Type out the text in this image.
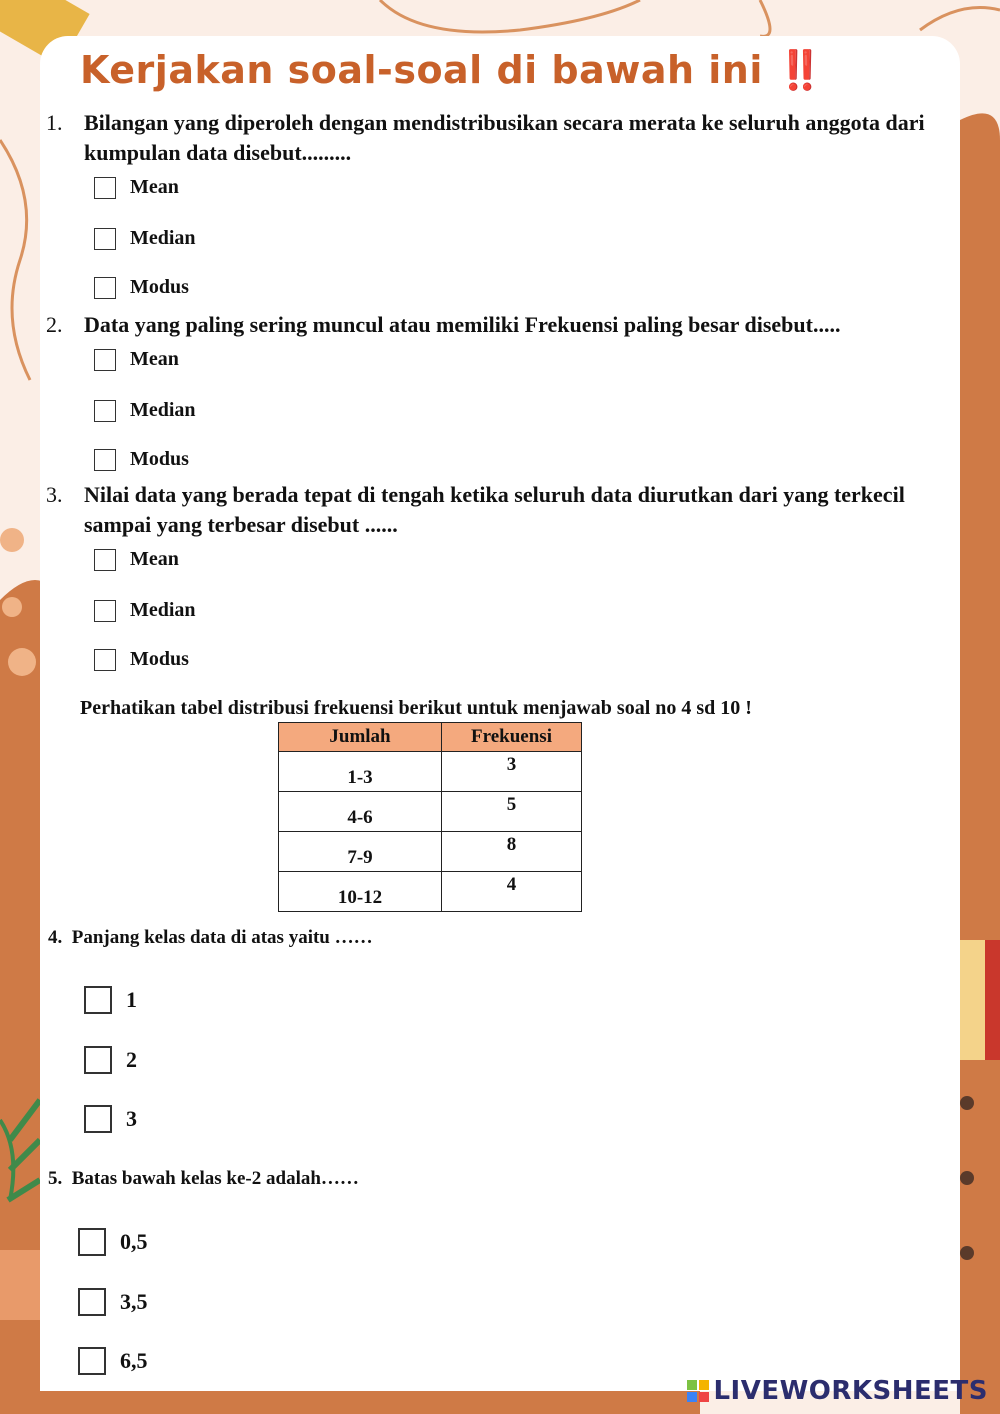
Kerjakan soal-soal di bawah ini ‼️
1. Bilangan yang diperoleh dengan mendistribusikan secara merata ke seluruh anggota dari kumpulan data disebut.........
Mean
Median
Modus
2. Data yang paling sering muncul atau memiliki Frekuensi paling besar disebut.....
Mean
Median
Modus
3. Nilai data yang berada tepat di tengah ketika seluruh data diurutkan dari yang terkecil sampai yang terbesar disebut ......
Mean
Median
Modus
Perhatikan tabel distribusi frekuensi berikut untuk menjawab soal no 4 sd 10 !
Jumlah	Frekuensi
1-3	3
4-6	5
7-9	8
10-12	4
4. Panjang kelas data di atas yaitu ……
1
2
3
5. Batas bawah kelas ke-2 adalah……
0,5
3,5
6,5
LIVEWORKSHEETS
